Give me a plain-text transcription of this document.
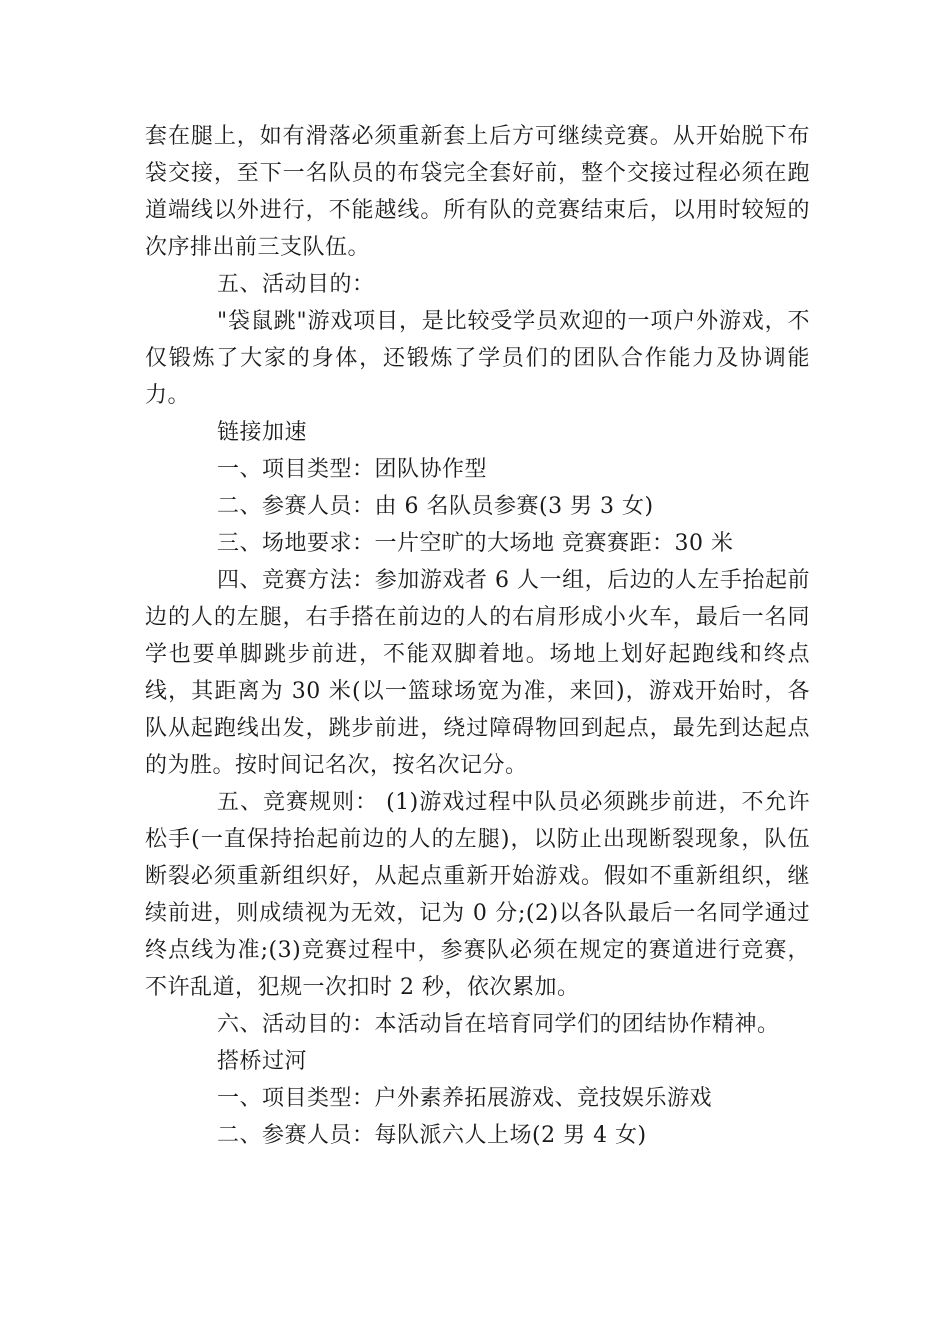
套在腿上，如有滑落必须重新套上后方可继续竞赛。从开始脱下布袋交接，至下一名队员的布袋完全套好前，整个交接过程必须在跑道端线以外进行，不能越线。所有队的竞赛结束后，以用时较短的次序排出前三支队伍。

五、活动目的：

"袋鼠跳"游戏项目，是比较受学员欢迎的一项户外游戏，不仅锻炼了大家的身体，还锻炼了学员们的团队合作能力及协调能力。

链接加速

一、项目类型：团队协作型

二、参赛人员：由 6 名队员参赛(3 男 3 女)

三、场地要求：一片空旷的大场地 竞赛赛距：30 米

四、竞赛方法：参加游戏者 6 人一组，后边的人左手抬起前边的人的左腿，右手搭在前边的人的右肩形成小火车，最后一名同学也要单脚跳步前进，不能双脚着地。场地上划好起跑线和终点线，其距离为 30 米(以一篮球场宽为准，来回)，游戏开始时，各队从起跑线出发，跳步前进，绕过障碍物回到起点，最先到达起点的为胜。按时间记名次，按名次记分。

五、竞赛规则： (1)游戏过程中队员必须跳步前进，不允许松手(一直保持抬起前边的人的左腿)，以防止出现断裂现象，队伍断裂必须重新组织好，从起点重新开始游戏。假如不重新组织，继续前进，则成绩视为无效，记为 0 分;(2)以各队最后一名同学通过终点线为准;(3)竞赛过程中，参赛队必须在规定的赛道进行竞赛，不许乱道，犯规一次扣时 2 秒，依次累加。

六、活动目的：本活动旨在培育同学们的团结协作精神。

搭桥过河

一、项目类型：户外素养拓展游戏、竞技娱乐游戏

二、参赛人员：每队派六人上场(2 男 4 女)
